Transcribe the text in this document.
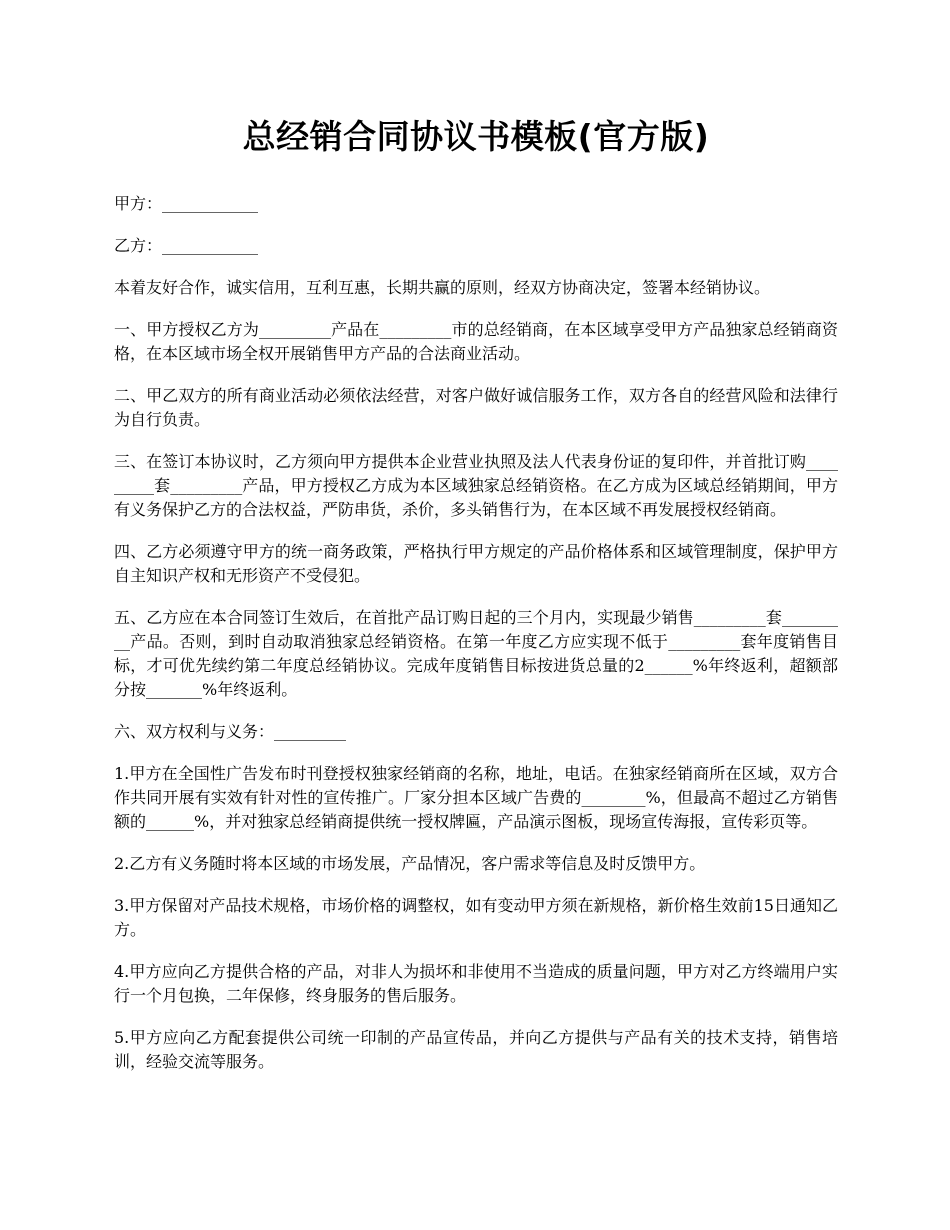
总经销合同协议书模板(官方版)

甲方：____________

乙方：____________

本着友好合作，诚实信用，互利互惠，长期共赢的原则，经双方协商决定，签署本经销协议。

一、甲方授权乙方为_________产品在_________市的总经销商，在本区域享受甲方产品独家总经销商资格，在本区域市场全权开展销售甲方产品的合法商业活动。

二、甲乙双方的所有商业活动必须依法经营，对客户做好诚信服务工作，双方各自的经营风险和法律行为自行负责。

三、在签订本协议时，乙方须向甲方提供本企业营业执照及法人代表身份证的复印件，并首批订购_________套_________产品，甲方授权乙方成为本区域独家总经销资格。在乙方成为区域总经销期间，甲方有义务保护乙方的合法权益，严防串货，杀价，多头销售行为，在本区域不再发展授权经销商。

四、乙方必须遵守甲方的统一商务政策，严格执行甲方规定的产品价格体系和区域管理制度，保护甲方自主知识产权和无形资产不受侵犯。

五、乙方应在本合同签订生效后，在首批产品订购日起的三个月内，实现最少销售_________套_________产品。否则，到时自动取消独家总经销资格。在第一年度乙方应实现不低于_________套年度销售目标，才可优先续约第二年度总经销协议。完成年度销售目标按进货总量的2______%年终返利，超额部分按_______%年终返利。

六、双方权利与义务：_________

1.甲方在全国性广告发布时刊登授权独家经销商的名称，地址，电话。在独家经销商所在区域，双方合作共同开展有实效有针对性的宣传推广。厂家分担本区域广告费的________%，但最高不超过乙方销售额的______%，并对独家总经销商提供统一授权牌匾，产品演示图板，现场宣传海报，宣传彩页等。

2.乙方有义务随时将本区域的市场发展，产品情况，客户需求等信息及时反馈甲方。

3.甲方保留对产品技术规格，市场价格的调整权，如有变动甲方须在新规格，新价格生效前15日通知乙方。

4.甲方应向乙方提供合格的产品，对非人为损坏和非使用不当造成的质量问题，甲方对乙方终端用户实行一个月包换，二年保修，终身服务的售后服务。

5.甲方应向乙方配套提供公司统一印制的产品宣传品，并向乙方提供与产品有关的技术支持，销售培训，经验交流等服务。
